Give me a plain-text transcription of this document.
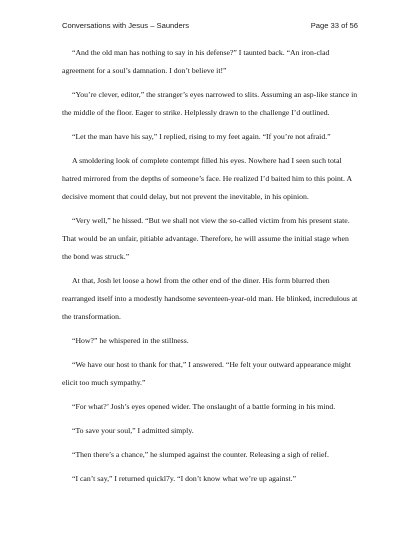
Conversations with Jesus – Saunders	Page 33 of 56

“And the old man has nothing to say in his defense?” I taunted back. “An iron-clad agreement for a soul’s damnation. I don’t believe it!”

“You’re clever, editor,” the stranger’s eyes narrowed to slits. Assuming an asp-like stance in the middle of the floor. Eager to strike. Helplessly drawn to the challenge I’d outlined.

“Let the man have his say,” I replied, rising to my feet again. “If you’re not afraid.”

A smoldering look of complete contempt filled his eyes. Nowhere had I seen such total hatred mirrored from the depths of someone’s face. He realized I’d baited him to this point. A decisive moment that could delay, but not prevent the inevitable, in his opinion.

“Very well,” he hissed. “But we shall not view the so-called victim from his present state. That would be an unfair, pitiable advantage. Therefore, he will assume the initial stage when the bond was struck.”

At that, Josh let loose a howl from the other end of the diner. His form blurred then rearranged itself into a modestly handsome seventeen-year-old man. He blinked, incredulous at the transformation.

“How?” he whispered in the stillness.

“We have our host to thank for that,” I answered. “He felt your outward appearance might elicit too much sympathy.”

“For what?’ Josh’s eyes opened wider. The onslaught of a battle forming in his mind.

“To save your soul,” I admitted simply.

“Then there’s a chance,” he slumped against the counter. Releasing a sigh of relief.

“I can’t say,” I returned quickl7y. “I don’t know what we’re up against.”
